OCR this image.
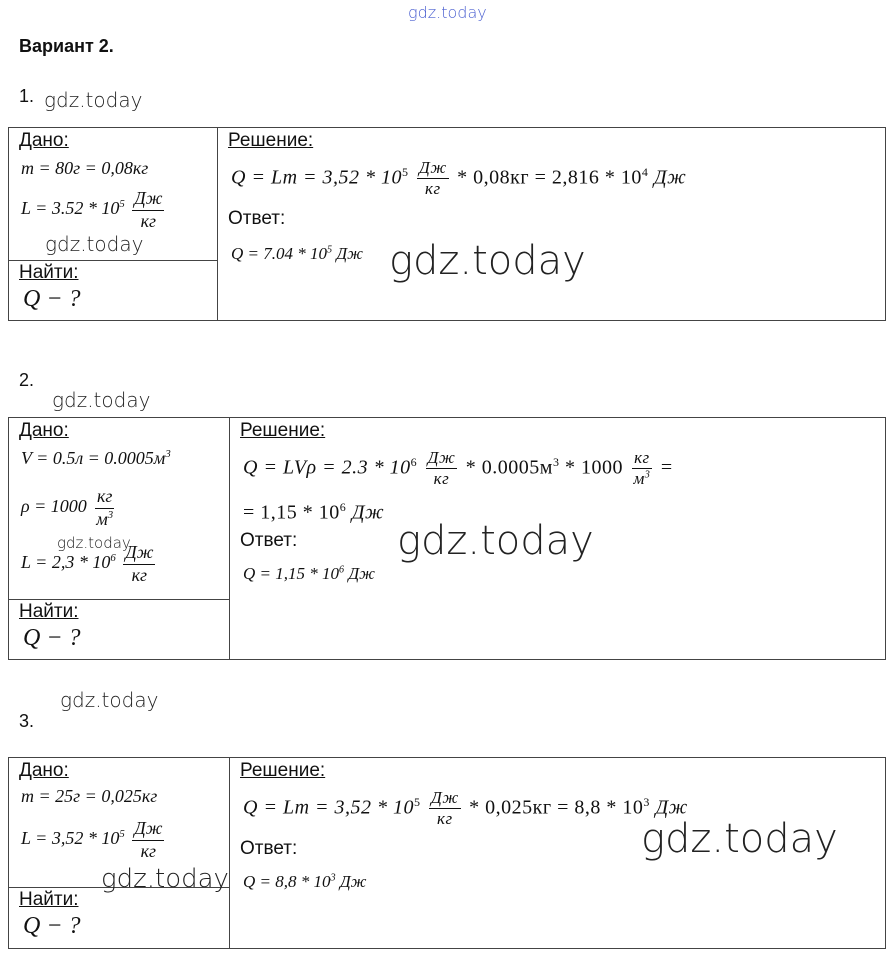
gdz.today
Вариант 2.
1. gdz.today
Дано:
m = 80г = 0,08кг
$L = 3.52 * 10^5 \frac{Дж}{кг}$
gdz.today
Найти:
Q − ?
Решение:
$Q = Lm = 3,52 * 10^5 \frac{Дж}{кг} * 0,08кг = 2,816 * 10^4$ Дж
Ответ:
$Q = 7.04 * 10^5$ Дж gdz.today
2.
gdz.today
Дано:
$V = 0.5л = 0.0005м^3$
$\rho = 1000 \frac{кг}{м^3}$
gdz.today
$L = 2,3 * 10^6 \frac{Дж}{кг}$
Найти:
Q − ?
Решение:
$Q = LV\rho = 2.3 * 10^6 \frac{Дж}{кг} * 0.0005м^3 * 1000 \frac{кг}{м^3}$ =
= $1,15 * 10^6$ Дж
Ответ:
$Q = 1,15 * 10^6$ Дж
gdz.today
gdz.today
3.
Дано:
m = 25г = 0,025кг
$L = 3,52 * 10^5 \frac{Дж}{кг}$
Найти:
Q − ?
Решение:
$Q = Lm = 3,52 * 10^5 \frac{Дж}{кг} * 0,025кг = 8,8 * 10^3$ Дж
Ответ:
$Q = 8,8 * 10^3$ Дж
gdz.today
gdz.today
